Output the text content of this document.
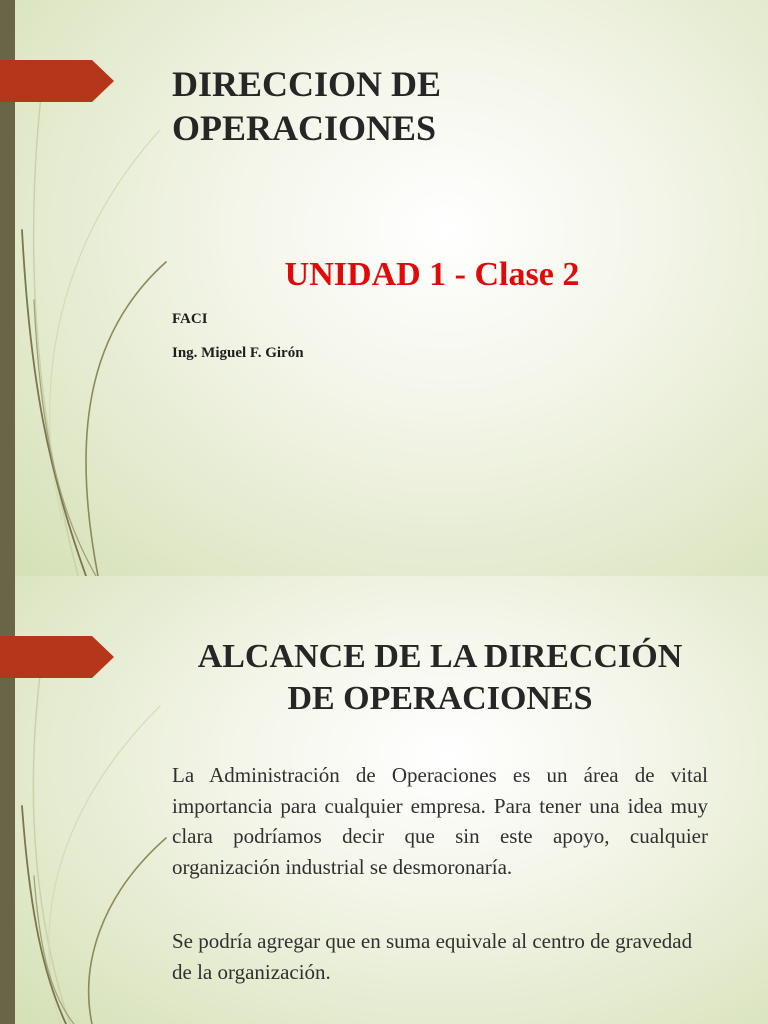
DIRECCION DE OPERACIONES
UNIDAD 1 - Clase 2
FACI
Ing. Miguel F. Girón
ALCANCE DE LA DIRECCIÓN DE OPERACIONES

La Administración de Operaciones es un área de vital importancia para cualquier empresa. Para tener una idea muy clara podríamos decir que sin este apoyo, cualquier organización industrial se desmoronaría.

Se podría agregar que en suma equivale al centro de gravedad de la organización.
